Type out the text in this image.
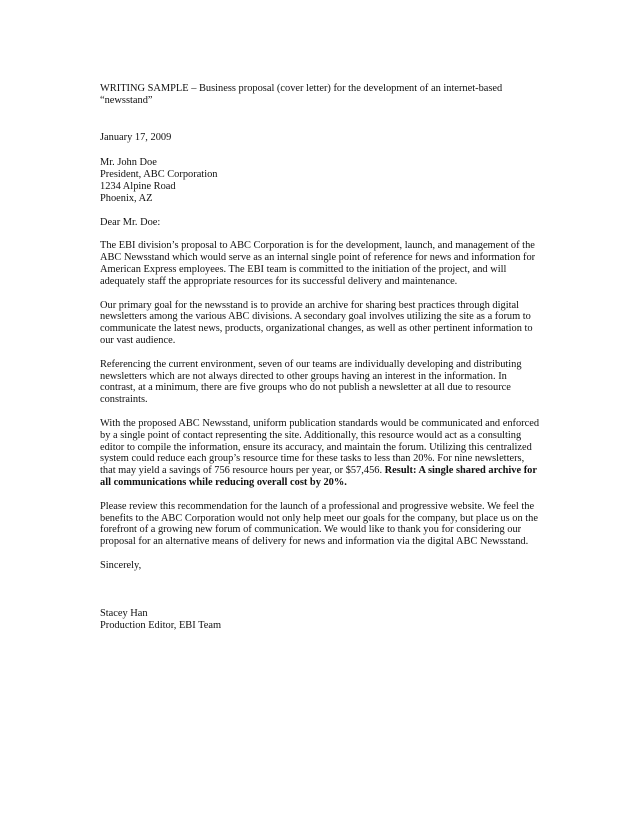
WRITING SAMPLE – Business proposal (cover letter) for the development of an internet-based “newsstand”

January 17, 2009

Mr. John Doe
President, ABC Corporation
1234 Alpine Road
Phoenix, AZ

Dear Mr. Doe:

The EBI division’s proposal to ABC Corporation is for the development, launch, and management of the ABC Newsstand which would serve as an internal single point of reference for news and information for American Express employees. The EBI team is committed to the initiation of the project, and will adequately staff the appropriate resources for its successful delivery and maintenance.

Our primary goal for the newsstand is to provide an archive for sharing best practices through digital newsletters among the various ABC divisions. A secondary goal involves utilizing the site as a forum to communicate the latest news, products, organizational changes, as well as other pertinent information to our vast audience.

Referencing the current environment, seven of our teams are individually developing and distributing newsletters which are not always directed to other groups having an interest in the information. In contrast, at a minimum, there are five groups who do not publish a newsletter at all due to resource constraints.

With the proposed ABC Newsstand, uniform publication standards would be communicated and enforced by a single point of contact representing the site. Additionally, this resource would act as a consulting editor to compile the information, ensure its accuracy, and maintain the forum. Utilizing this centralized system could reduce each group’s resource time for these tasks to less than 20%. For nine newsletters, that may yield a savings of 756 resource hours per year, or $57,456. Result: A single shared archive for all communications while reducing overall cost by 20%.

Please review this recommendation for the launch of a professional and progressive website. We feel the benefits to the ABC Corporation would not only help meet our goals for the company, but place us on the forefront of a growing new forum of communication. We would like to thank you for considering our proposal for an alternative means of delivery for news and information via the digital ABC Newsstand.

Sincerely,

Stacey Han
Production Editor, EBI Team
